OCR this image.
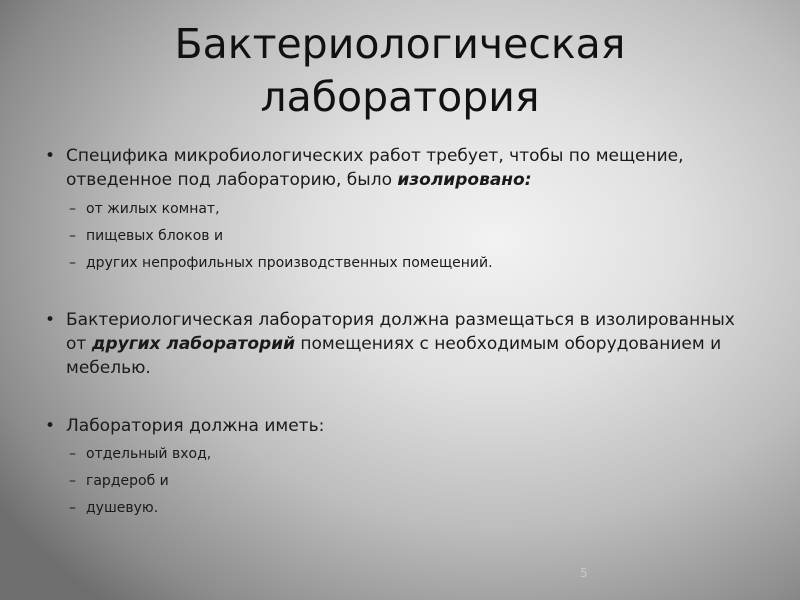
Бактериологическая лаборатория
• Специфика микробиологических работ требует, чтобы по мещение, отведенное под лабораторию, было изолировано:
– от жилых комнат,
– пищевых блоков и
– других непрофильных производственных помещений.
• Бактериологическая лаборатория должна размещаться в изолированных от других лабораторий помещениях с необходимым оборудованием и мебелью.
• Лаборатория должна иметь:
– отдельный вход,
– гардероб и
– душевую.
5
